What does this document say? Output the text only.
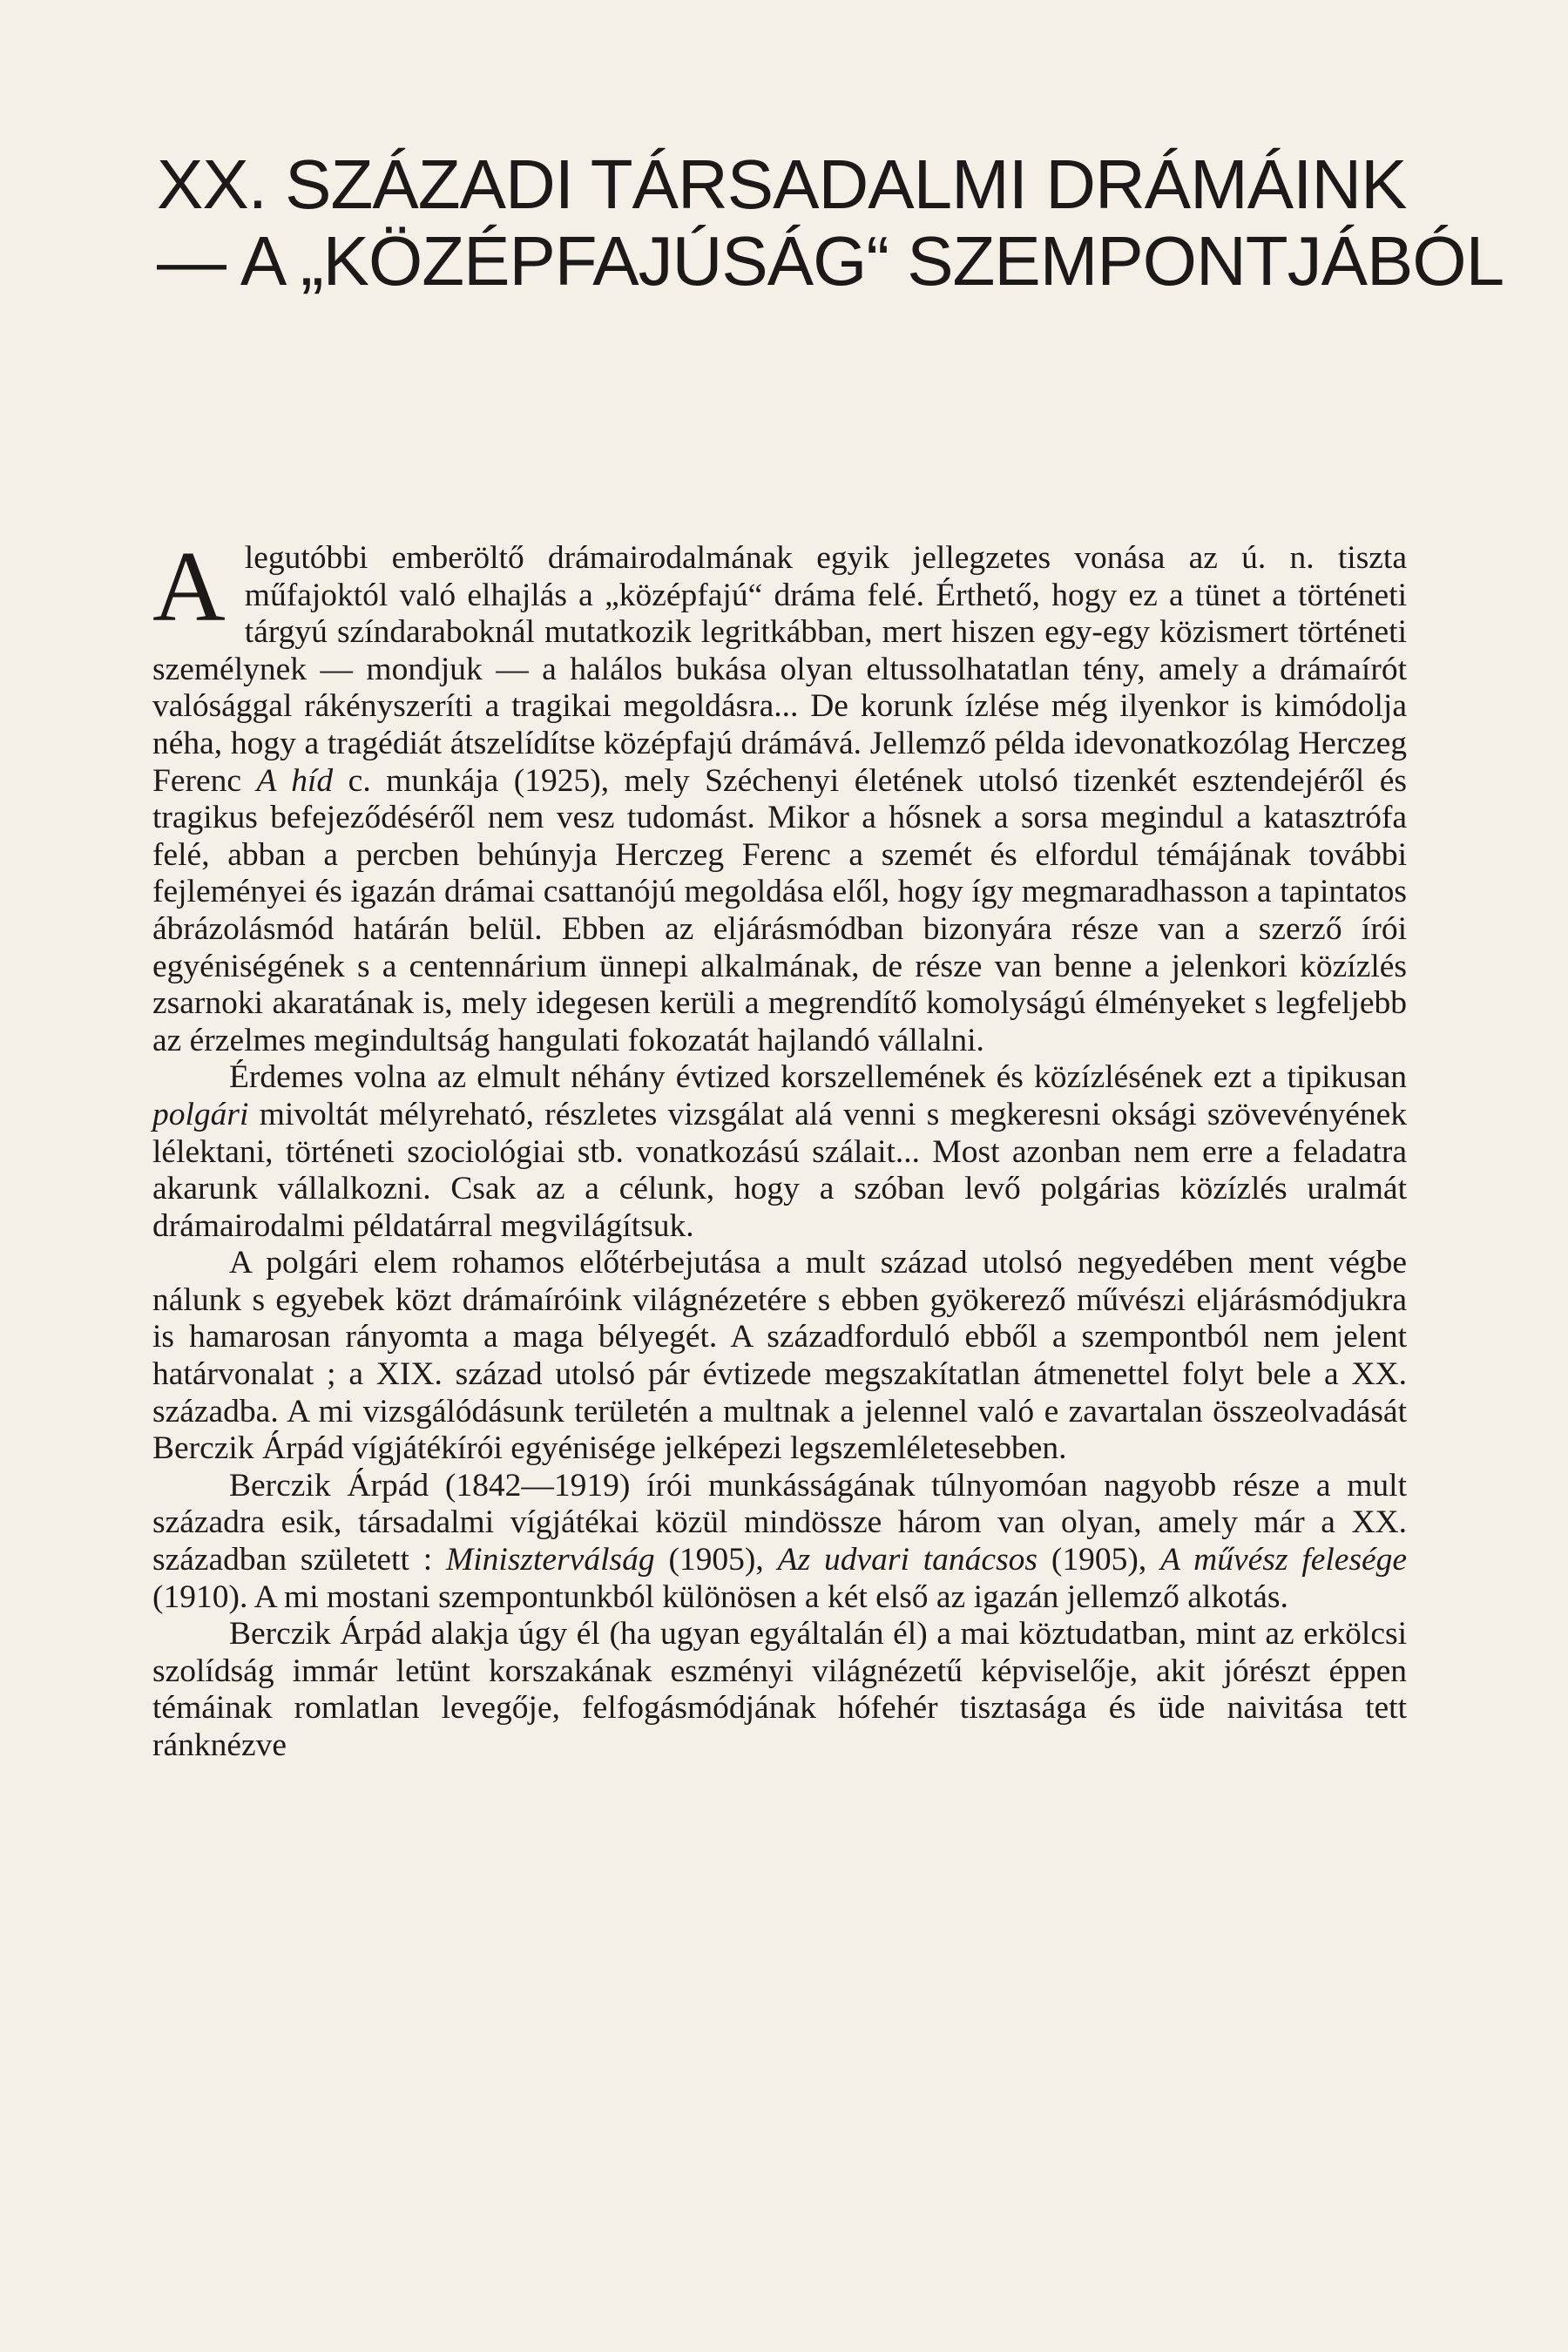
XX. SZÁZADI TÁRSADALMI DRÁMÁINK
— A „KÖZÉPFAJÚSÁG“ SZEMPONTJÁBÓL

Alegutóbbi emberöltő drámairodalmának egyik jellegzetes vonása az ú. n. tiszta műfajoktól való elhajlás a „középfajú“ dráma felé. Érthető, hogy ez a tünet a történeti tárgyú színdaraboknál mutatkozik legritkábban, mert hiszen egy-egy közismert történeti személynek — mondjuk — a halálos bukása olyan eltussolhatatlan tény, amely a drámaírót valósággal rákényszeríti a tragikai megoldásra... De korunk ízlése még ilyenkor is kimódolja néha, hogy a tragédiát átszelídítse középfajú drámává. Jellemző példa idevonatkozólag Herczeg Ferenc A híd c. munkája (1925), mely Széchenyi életének utolsó tizenkét esztendejéről és tragikus befejeződéséről nem vesz tudomást. Mikor a hősnek a sorsa megindul a katasztrófa felé, abban a percben behúnyja Herczeg Ferenc a szemét és elfordul témájának további fejleményei és igazán drámai csattanójú megoldása elől, hogy így megmaradhasson a tapintatos ábrázolásmód határán belül. Ebben az eljárásmódban bizonyára része van a szerző írói egyéniségének s a centennárium ünnepi alkalmának, de része van benne a jelenkori közízlés zsarnoki akaratának is, mely idegesen kerüli a megrendítő komolyságú élményeket s legfeljebb az érzelmes megindultság hangulati fokozatát hajlandó vállalni.

Érdemes volna az elmult néhány évtized korszellemének és közízlésének ezt a tipikusan polgári mivoltát mélyreható, részletes vizsgálat alá venni s megkeresni oksági szövevényének lélektani, történeti szociológiai stb. vonatkozású szálait... Most azonban nem erre a feladatra akarunk vállalkozni. Csak az a célunk, hogy a szóban levő polgárias közízlés uralmát drámairodalmi példatárral megvilágítsuk.

A polgári elem rohamos előtérbejutása a mult század utolsó negyedében ment végbe nálunk s egyebek közt drámaíróink világnézetére s ebben gyökerező művészi eljárásmódjukra is hamarosan rányomta a maga bélyegét. A századforduló ebből a szempontból nem jelent határvonalat ; a XIX. század utolsó pár évtizede megszakítatlan átmenettel folyt bele a XX. századba. A mi vizsgálódásunk területén a multnak a jelennel való e zavartalan összeolvadását Berczik Árpád vígjátékírói egyénisége jelképezi legszemléletesebben.

Berczik Árpád (1842—1919) írói munkásságának túlnyomóan nagyobb része a mult századra esik, társadalmi vígjátékai közül mindössze három van olyan, amely már a XX. században született : Miniszterválság (1905), Az udvari tanácsos (1905), A művész felesége (1910). A mi mostani szempontunkból különösen a két első az igazán jellemző alkotás.

Berczik Árpád alakja úgy él (ha ugyan egyáltalán él) a mai köztudatban, mint az erkölcsi szolídság immár letünt korszakának eszményi világnézetű képviselője, akit jórészt éppen témáinak romlatlan levegője, felfogásmódjának hófehér tisztasága és üde naivitása tett ránknézve
